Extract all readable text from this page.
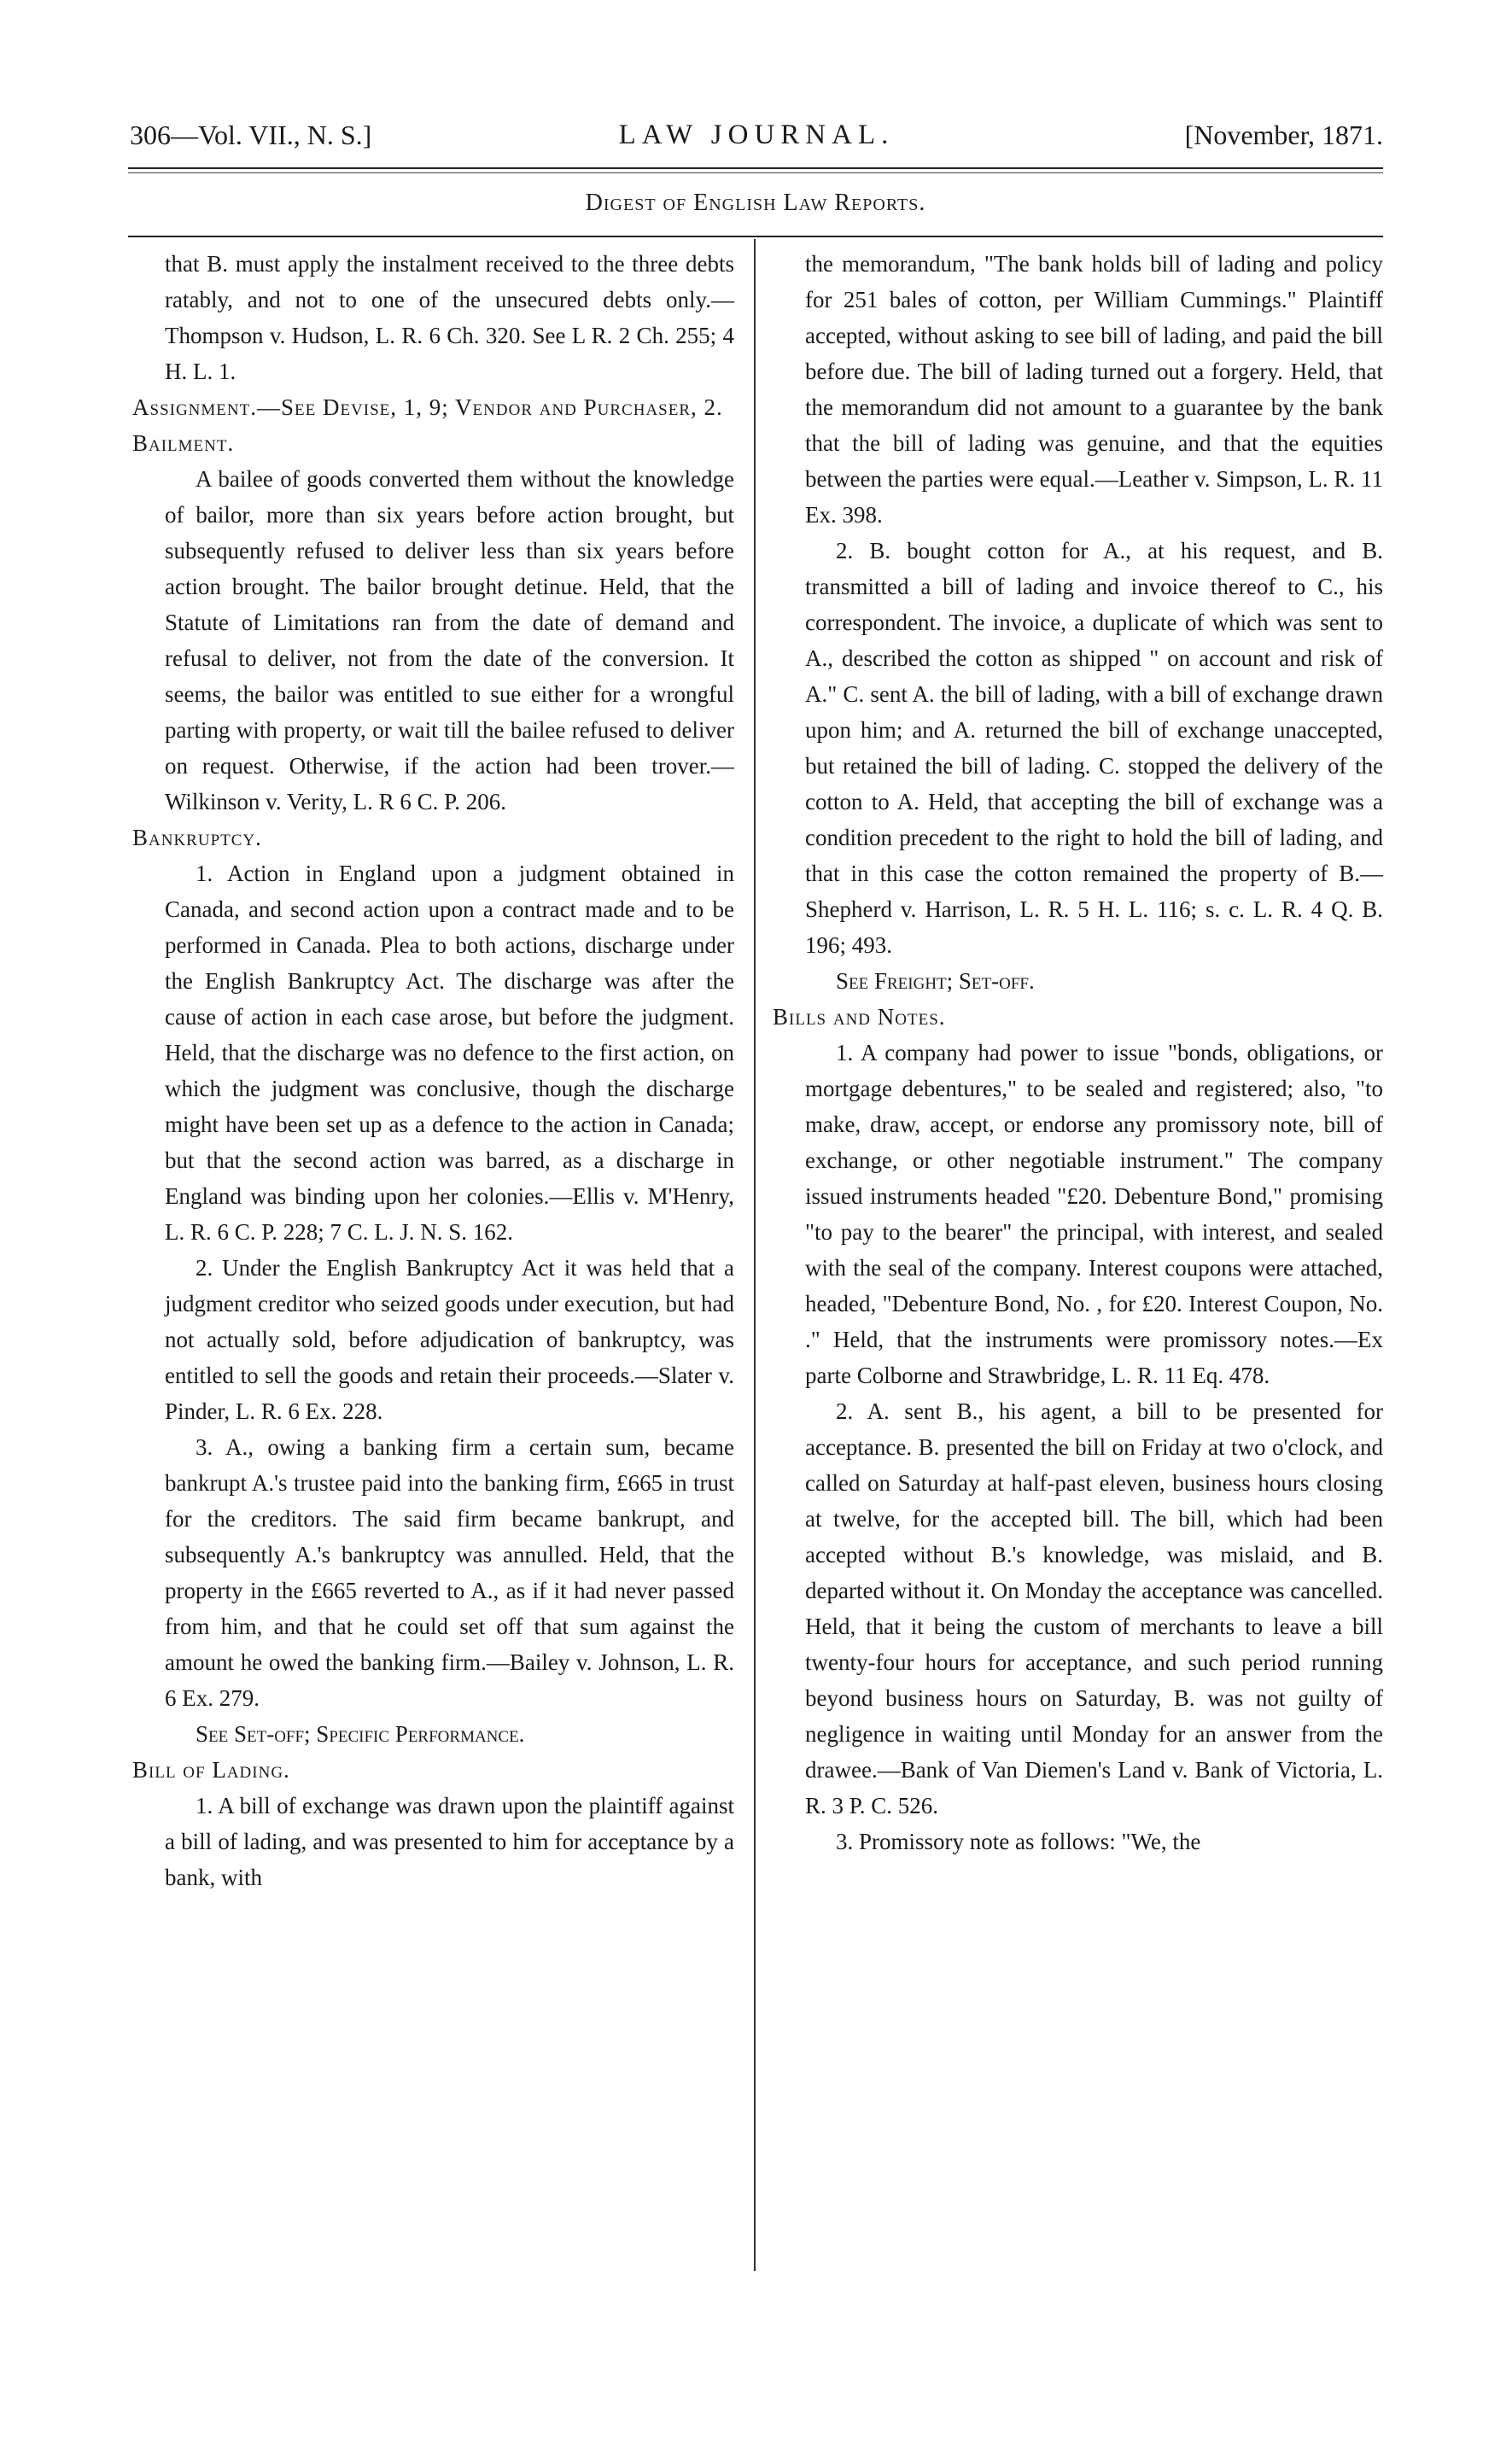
306—Vol. VII., N. S.]	LAW JOURNAL.	[November, 1871.
Digest of English Law Reports.

that B. must apply the instalment received to the three debts ratably, and not to one of the unsecured debts only.—Thompson v. Hudson, L. R. 6 Ch. 320. See L R. 2 Ch. 255; 4 H. L. 1.

Assignment.—See Devise, 1, 9; Vendor and Purchaser, 2.

Bailment.

A bailee of goods converted them without the knowledge of bailor, more than six years before action brought, but subsequently refused to deliver less than six years before action brought. The bailor brought detinue. Held, that the Statute of Limitations ran from the date of demand and refusal to deliver, not from the date of the conversion. It seems, the bailor was entitled to sue either for a wrongful parting with property, or wait till the bailee refused to deliver on request. Otherwise, if the action had been trover.—Wilkinson v. Verity, L. R 6 C. P. 206.

Bankruptcy.

1. Action in England upon a judgment obtained in Canada, and second action upon a contract made and to be performed in Canada. Plea to both actions, discharge under the English Bankruptcy Act. The discharge was after the cause of action in each case arose, but before the judgment. Held, that the discharge was no defence to the first action, on which the judgment was conclusive, though the discharge might have been set up as a defence to the action in Canada; but that the second action was barred, as a discharge in England was binding upon her colonies.—Ellis v. M'Henry, L. R. 6 C. P. 228; 7 C. L. J. N. S. 162.

2. Under the English Bankruptcy Act it was held that a judgment creditor who seized goods under execution, but had not actually sold, before adjudication of bankruptcy, was entitled to sell the goods and retain their proceeds.—Slater v. Pinder, L. R. 6 Ex. 228.

3. A., owing a banking firm a certain sum, became bankrupt A.'s trustee paid into the banking firm, £665 in trust for the creditors. The said firm became bankrupt, and subsequently A.'s bankruptcy was annulled. Held, that the property in the £665 reverted to A., as if it had never passed from him, and that he could set off that sum against the amount he owed the banking firm.—Bailey v. Johnson, L. R. 6 Ex. 279.

See Set-off; Specific Performance.

Bill of Lading.

1. A bill of exchange was drawn upon the plaintiff against a bill of lading, and was presented to him for acceptance by a bank, with

the memorandum, "The bank holds bill of lading and policy for 251 bales of cotton, per William Cummings." Plaintiff accepted, without asking to see bill of lading, and paid the bill before due. The bill of lading turned out a forgery. Held, that the memorandum did not amount to a guarantee by the bank that the bill of lading was genuine, and that the equities between the parties were equal.—Leather v. Simpson, L. R. 11 Ex. 398.

2. B. bought cotton for A., at his request, and B. transmitted a bill of lading and invoice thereof to C., his correspondent. The invoice, a duplicate of which was sent to A., described the cotton as shipped " on account and risk of A." C. sent A. the bill of lading, with a bill of exchange drawn upon him; and A. returned the bill of exchange unaccepted, but retained the bill of lading. C. stopped the delivery of the cotton to A. Held, that accepting the bill of exchange was a condition precedent to the right to hold the bill of lading, and that in this case the cotton remained the property of B.—Shepherd v. Harrison, L. R. 5 H. L. 116; s. c. L. R. 4 Q. B. 196; 493.

See Freight; Set-off.

Bills and Notes.

1. A company had power to issue "bonds, obligations, or mortgage debentures," to be sealed and registered; also, "to make, draw, accept, or endorse any promissory note, bill of exchange, or other negotiable instrument." The company issued instruments headed "£20. Debenture Bond," promising "to pay to the bearer" the principal, with interest, and sealed with the seal of the company. Interest coupons were attached, headed, "Debenture Bond, No. , for £20. Interest Coupon, No. ." Held, that the instruments were promissory notes.—Ex parte Colborne and Strawbridge, L. R. 11 Eq. 478.

2. A. sent B., his agent, a bill to be presented for acceptance. B. presented the bill on Friday at two o'clock, and called on Saturday at half-past eleven, business hours closing at twelve, for the accepted bill. The bill, which had been accepted without B.'s knowledge, was mislaid, and B. departed without it. On Monday the acceptance was cancelled. Held, that it being the custom of merchants to leave a bill twenty-four hours for acceptance, and such period running beyond business hours on Saturday, B. was not guilty of negligence in waiting until Monday for an answer from the drawee.—Bank of Van Diemen's Land v. Bank of Victoria, L. R. 3 P. C. 526.

3. Promissory note as follows: "We, the
